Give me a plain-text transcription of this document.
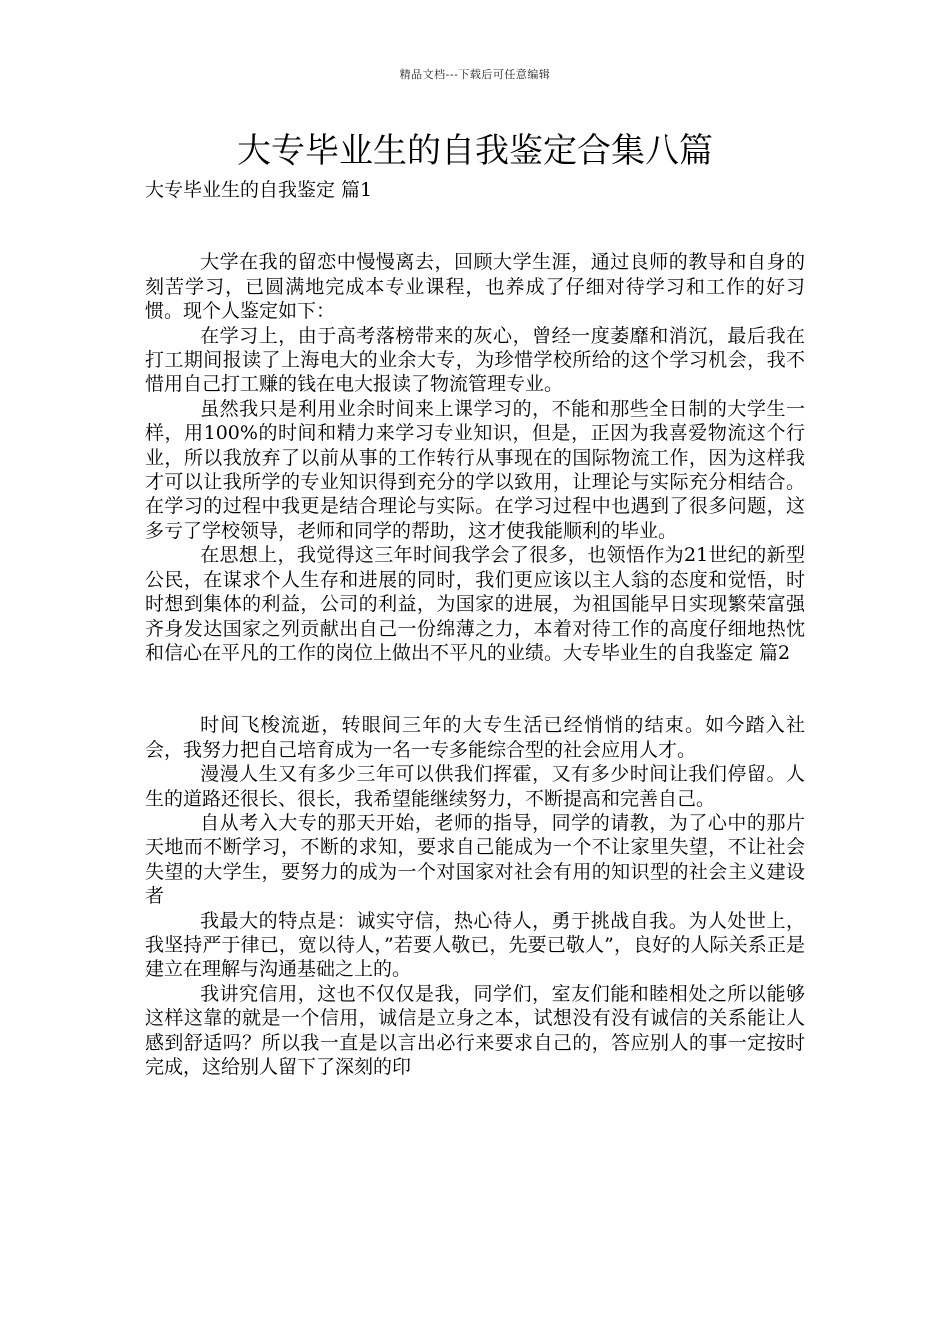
精品文档---下载后可任意编辑
大专毕业生的自我鉴定合集八篇
大专毕业生的自我鉴定 篇1

大学在我的留恋中慢慢离去，回顾大学生涯，通过良师的教导和自身的刻苦学习，已圆满地完成本专业课程，也养成了仔细对待学习和工作的好习惯。现个人鉴定如下：

在学习上，由于高考落榜带来的灰心，曾经一度萎靡和消沉，最后我在打工期间报读了上海电大的业余大专，为珍惜学校所给的这个学习机会，我不惜用自己打工赚的钱在电大报读了物流管理专业。

虽然我只是利用业余时间来上课学习的，不能和那些全日制的大学生一样，用100%的时间和精力来学习专业知识，但是，正因为我喜爱物流这个行业，所以我放弃了以前从事的工作转行从事现在的国际物流工作，因为这样我才可以让我所学的专业知识得到充分的学以致用，让理论与实际充分相结合。在学习的过程中我更是结合理论与实际。在学习过程中也遇到了很多问题，这多亏了学校领导，老师和同学的帮助，这才使我能顺利的毕业。

在思想上，我觉得这三年时间我学会了很多，也领悟作为21世纪的新型公民，在谋求个人生存和进展的同时，我们更应该以主人翁的态度和觉悟，时时想到集体的利益，公司的利益，为国家的进展，为祖国能早日实现繁荣富强齐身发达国家之列贡献出自己一份绵薄之力，本着对待工作的高度仔细地热忱和信心在平凡的工作的岗位上做出不平凡的业绩。大专毕业生的自我鉴定 篇2

时间飞梭流逝，转眼间三年的大专生活已经悄悄的结束。如今踏入社会，我努力把自己培育成为一名一专多能综合型的社会应用人才。

漫漫人生又有多少三年可以供我们挥霍，又有多少时间让我们停留。人生的道路还很长、很长，我希望能继续努力，不断提高和完善自己。

自从考入大专的那天开始，老师的指导，同学的请教，为了心中的那片天地而不断学习，不断的求知，要求自己能成为一个不让家里失望，不让社会失望的大学生，要努力的成为一个对国家对社会有用的知识型的社会主义建设者

我最大的特点是：诚实守信，热心待人，勇于挑战自我。为人处世上，我坚持严于律已，宽以待人，”若要人敬已，先要已敬人”，良好的人际关系正是建立在理解与沟通基础之上的。

我讲究信用，这也不仅仅是我，同学们，室友们能和睦相处之所以能够这样这靠的就是一个信用，诚信是立身之本，试想没有没有诚信的关系能让人感到舒适吗？所以我一直是以言出必行来要求自己的，答应别人的事一定按时完成，这给别人留下了深刻的印
